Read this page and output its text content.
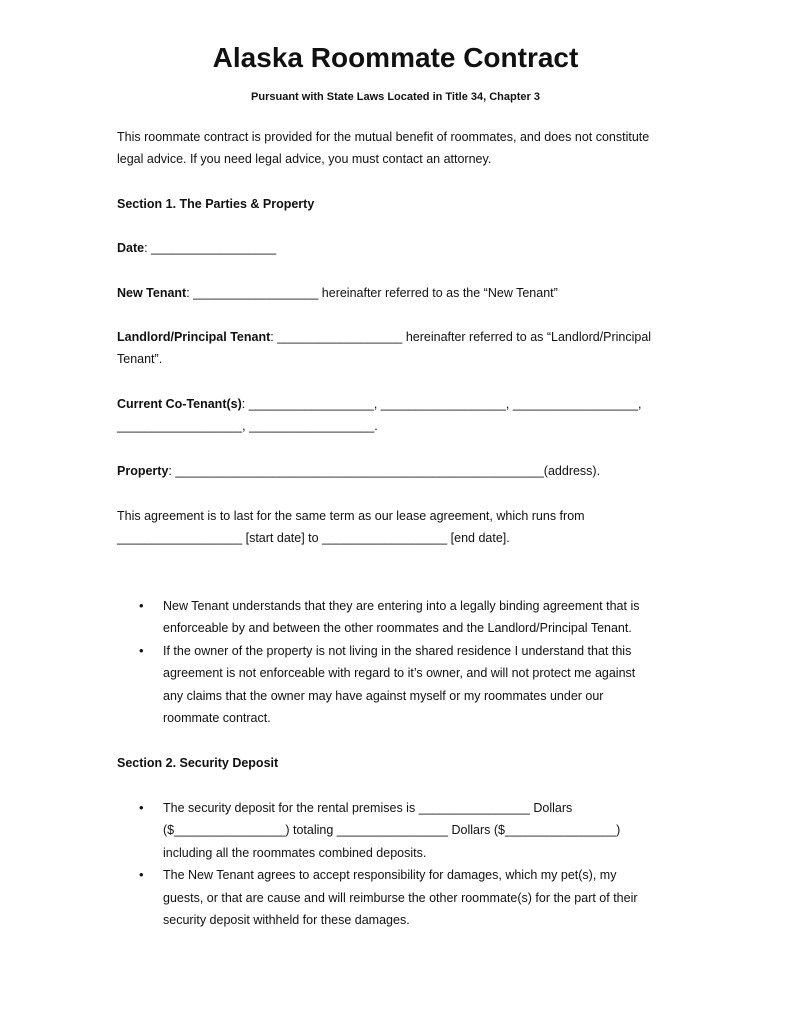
Alaska Roommate Contract

Pursuant with State Laws Located in Title 34, Chapter 3

This roommate contract is provided for the mutual benefit of roommates, and does not constitute

legal advice. If you need legal advice, you must contact an attorney.

Section 1. The Parties & Property

Date: __________________

New Tenant: __________________ hereinafter referred to as the “New Tenant”

Landlord/Principal Tenant: __________________ hereinafter referred to as “Landlord/Principal

Tenant”.

Current Co-Tenant(s): __________________, __________________, __________________,

__________________, __________________.

Property: _____________________________________________________(address).

This agreement is to last for the same term as our lease agreement, which runs from

__________________ [start date] to __________________ [end date].

• New Tenant understands that they are entering into a legally binding agreement that is

enforceable by and between the other roommates and the Landlord/Principal Tenant.

• If the owner of the property is not living in the shared residence I understand that this

agreement is not enforceable with regard to it’s owner, and will not protect me against

any claims that the owner may have against myself or my roommates under our

roommate contract.

Section 2. Security Deposit

• The security deposit for the rental premises is ________________ Dollars

($________________) totaling ________________ Dollars ($________________)

including all the roommates combined deposits.

• The New Tenant agrees to accept responsibility for damages, which my pet(s), my

guests, or that are cause and will reimburse the other roommate(s) for the part of their

security deposit withheld for these damages.
